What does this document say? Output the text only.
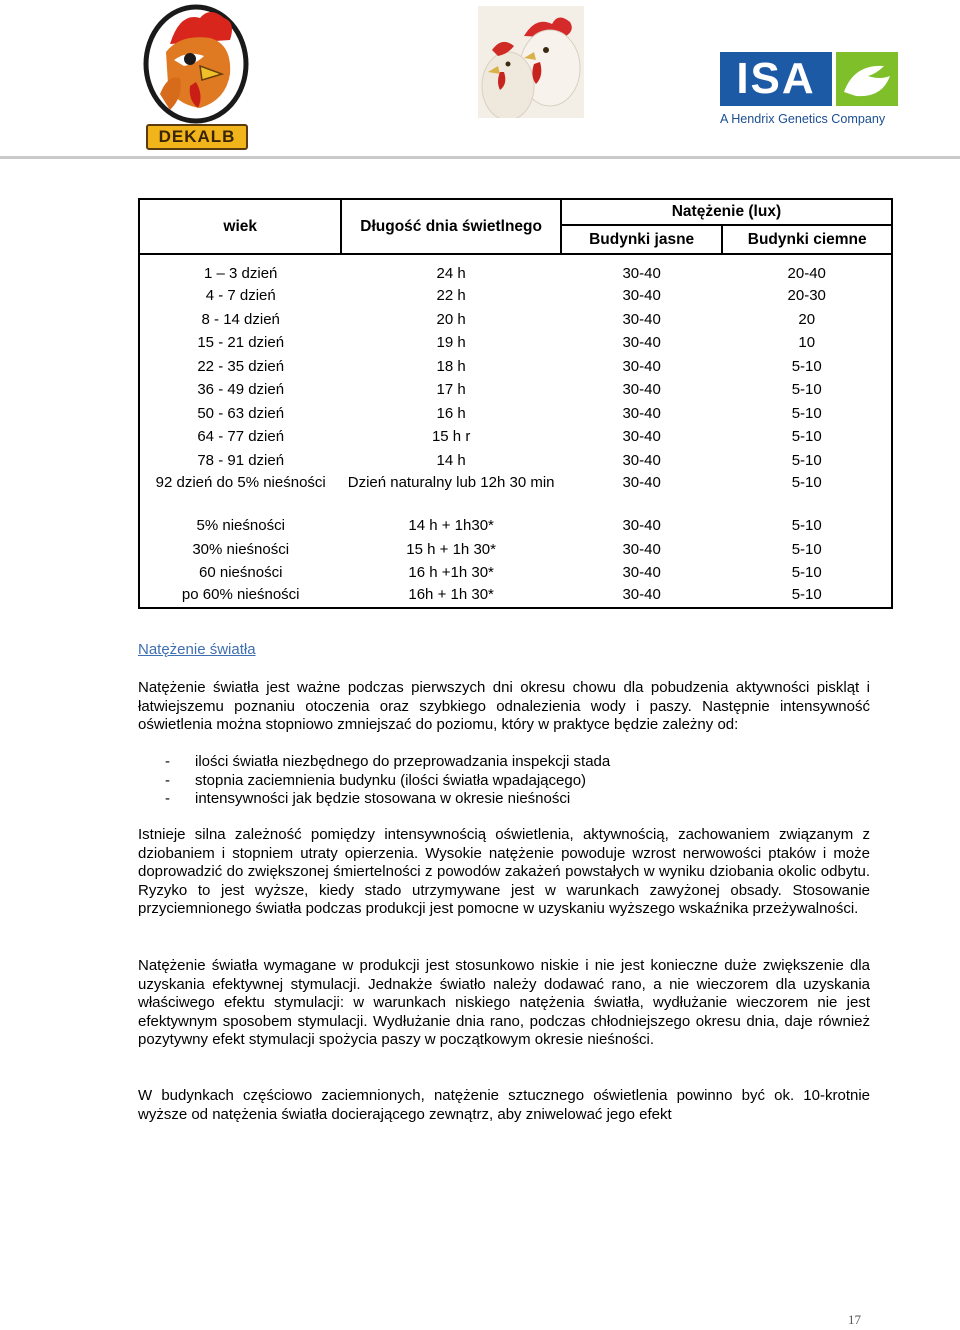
DEKALB
ISA
A Hendrix Genetics Company
wiek	Długość dnia świetlnego	Natężenie (lux)	
		Budynki jasne	Budynki ciemne
1 – 3 dzień	24 h	30-40	20-40
4 - 7 dzień	22 h	30-40	20-30
8 - 14 dzień	20 h	30-40	20
15 - 21 dzień	19 h	30-40	10
22 - 35 dzień	18 h	30-40	5-10
36 - 49 dzień	17 h	30-40	5-10
50 - 63 dzień	16 h	30-40	5-10
64 - 77 dzień	15 h r	30-40	5-10
78 - 91 dzień	14 h	30-40	5-10
92 dzień do 5% nieśności	Dzień naturalny lub 12h 30 min	30-40	5-10
5% nieśności	14 h + 1h30*	30-40	5-10
30% nieśności	15 h + 1h 30*	30-40	5-10
60 nieśności	16 h +1h 30*	30-40	5-10
po 60% nieśności	16h + 1h 30*	30-40	5-10
Natężenie światła
Natężenie światła jest ważne podczas pierwszych dni okresu chowu dla pobudzenia aktywności piskląt i łatwiejszemu poznaniu otoczenia oraz szybkiego odnalezienia wody i paszy. Następnie intensywność oświetlenia można stopniowo zmniejszać do poziomu, który w praktyce będzie zależny od:
- ilości światła niezbędnego do przeprowadzania inspekcji stada
- stopnia zaciemnienia budynku (ilości światła wpadającego)
- intensywności jak będzie stosowana w okresie nieśności
Istnieje silna zależność pomiędzy intensywnością oświetlenia, aktywnością, zachowaniem związanym z dziobaniem i stopniem utraty opierzenia. Wysokie natężenie powoduje wzrost nerwowości ptaków i może doprowadzić do zwiększonej śmiertelności z powodów zakażeń powstałych w wyniku dziobania okolic odbytu. Ryzyko to jest wyższe, kiedy stado utrzymywane jest w warunkach zawyżonej obsady. Stosowanie przyciemnionego światła podczas produkcji jest pomocne w uzyskaniu wyższego wskaźnika przeżywalności.
Natężenie światła wymagane w produkcji jest stosunkowo niskie i nie jest konieczne duże zwiększenie dla uzyskania efektywnej stymulacji. Jednakże światło należy dodawać rano, a nie wieczorem dla uzyskania właściwego efektu stymulacji: w warunkach niskiego natężenia światła, wydłużanie wieczorem nie jest efektywnym sposobem stymulacji. Wydłużanie dnia rano, podczas chłodniejszego okresu dnia, daje również pozytywny efekt stymulacji spożycia paszy w początkowym okresie nieśności.
W budynkach częściowo zaciemnionych, natężenie sztucznego oświetlenia powinno być ok. 10-krotnie wyższe od natężenia światła docierającego zewnątrz, aby zniwelować jego efekt
17
